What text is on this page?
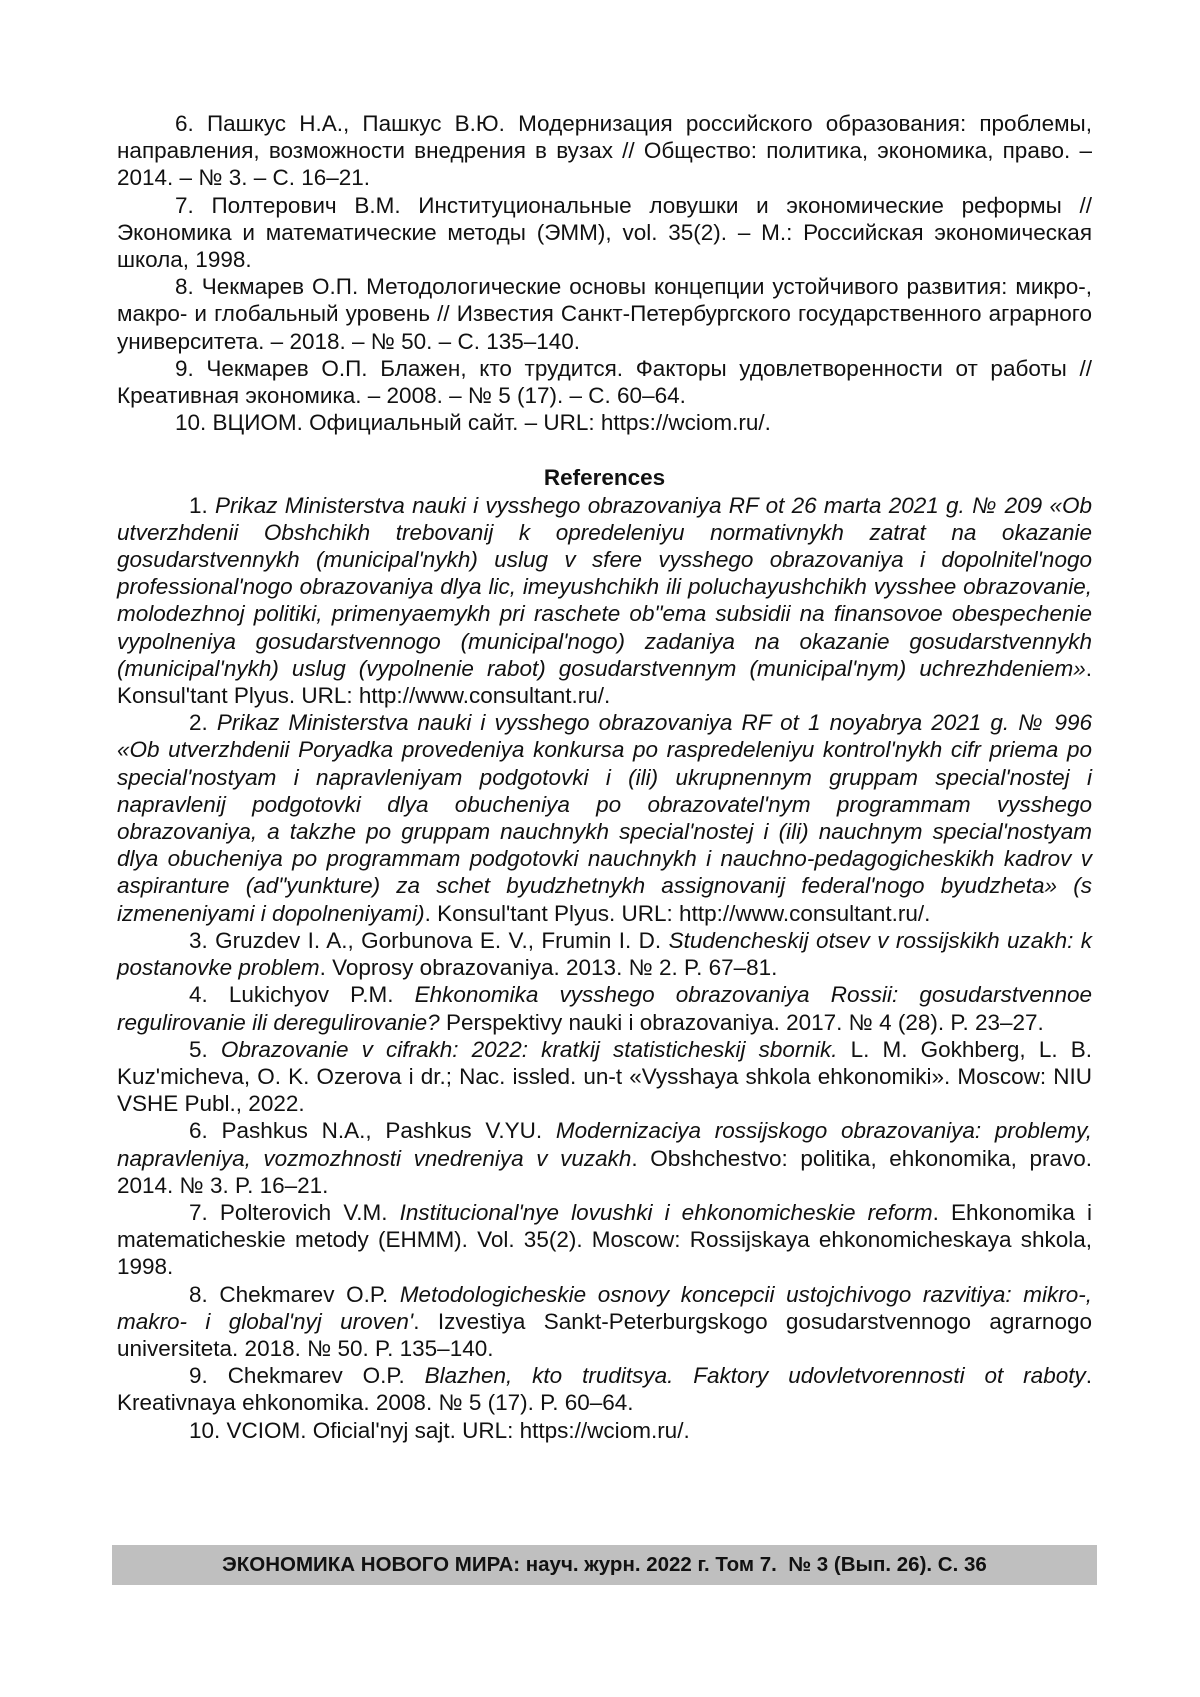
6. Пашкус Н.А., Пашкус В.Ю. Модернизация российского образования: проблемы, направления, возможности внедрения в вузах // Общество: политика, экономика, право. – 2014. – № 3. – С. 16–21.

7. Полтерович В.М. Институциональные ловушки и экономические реформы // Экономика и математические методы (ЭММ), vol. 35(2). – М.: Российская экономическая школа, 1998.

8. Чекмарев О.П. Методологические основы концепции устойчивого развития: микро-, макро- и глобальный уровень // Известия Санкт-Петербургского государственного аграрного университета. – 2018. – № 50. – С. 135–140.

9. Чекмарев О.П. Блажен, кто трудится. Факторы удовлетворенности от работы // Креативная экономика. – 2008. – № 5 (17). – С. 60–64.

10. ВЦИОМ. Официальный сайт. – URL: https://wciom.ru/.

References

1. Prikaz Ministerstva nauki i vysshego obrazovaniya RF ot 26 marta 2021 g. № 209 «Ob utverzhdenii Obshchikh trebovanij k opredeleniyu normativnykh zatrat na okazanie gosudarstvennykh (municipal'nykh) uslug v sfere vysshego obrazovaniya i dopolnitel'nogo professional'nogo obrazovaniya dlya lic, imeyushchikh ili poluchayushchikh vysshee obrazovanie, molodezhnoj politiki, primenyaemykh pri raschete ob"ema subsidii na finansovoe obespechenie vypolneniya gosudarstvennogo (municipal'nogo) zadaniya na okazanie gosudarstvennykh (municipal'nykh) uslug (vypolnenie rabot) gosudarstvennym (municipal'nym) uchrezhdeniem». Konsul'tant Plyus. URL: http://www.consultant.ru/.

2. Prikaz Ministerstva nauki i vysshego obrazovaniya RF ot 1 noyabrya 2021 g. № 996 «Ob utverzhdenii Poryadka provedeniya konkursa po raspredeleniyu kontrol'nykh cifr priema po special'nostyam i napravleniyam podgotovki i (ili) ukrupnennym gruppam special'nostej i napravlenij podgotovki dlya obucheniya po obrazovatel'nym programmam vysshego obrazovaniya, a takzhe po gruppam nauchnykh special'nostej i (ili) nauchnym special'nostyam dlya obucheniya po programmam podgotovki nauchnykh i nauchno-pedagogicheskikh kadrov v aspiranture (ad"yunkture) za schet byudzhetnykh assignovanij federal'nogo byudzheta» (s izmeneniyami i dopolneniyami). Konsul'tant Plyus. URL: http://www.consultant.ru/.

3. Gruzdev I. A., Gorbunova E. V., Frumin I. D. Studencheskij otsev v rossijskikh uzakh: k postanovke problem. Voprosy obrazovaniya. 2013. № 2. P. 67–81.

4. Lukichyov P.M. Ehkonomika vysshego obrazovaniya Rossii: gosudarstvennoe regulirovanie ili deregulirovanie? Perspektivy nauki i obrazovaniya. 2017. № 4 (28). P. 23–27.

5. Obrazovanie v cifrakh: 2022: kratkij statisticheskij sbornik. L. M. Gokhberg, L. B. Kuz'micheva, O. K. Ozerova i dr.; Nac. issled. un-t «Vysshaya shkola ehkonomiki». Moscow: NIU VSHE Publ., 2022.

6. Pashkus N.A., Pashkus V.YU. Modernizaciya rossijskogo obrazovaniya: problemy, napravleniya, vozmozhnosti vnedreniya v vuzakh. Obshchestvo: politika, ehkonomika, pravo. 2014. № 3. P. 16–21.

7. Polterovich V.M. Institucional'nye lovushki i ehkonomicheskie reform. Ehkonomika i matematicheskie metody (EHMM). Vol. 35(2). Moscow: Rossijskaya ehkonomicheskaya shkola, 1998.

8. Chekmarev O.P. Metodologicheskie osnovy koncepcii ustojchivogo razvitiya: mikro-, makro- i global'nyj uroven'. Izvestiya Sankt-Peterburgskogo gosudarstvennogo agrarnogo universiteta. 2018. № 50. P. 135–140.

9. Chekmarev O.P. Blazhen, kto truditsya. Faktory udovletvorennosti ot raboty. Kreativnaya ehkonomika. 2008. № 5 (17). P. 60–64.

10. VCIOM. Oficial'nyj sajt. URL: https://wciom.ru/.

ЭКОНОМИКА НОВОГО МИРА: науч. журн. 2022 г. Том 7.  № 3 (Вып. 26). С. 36
